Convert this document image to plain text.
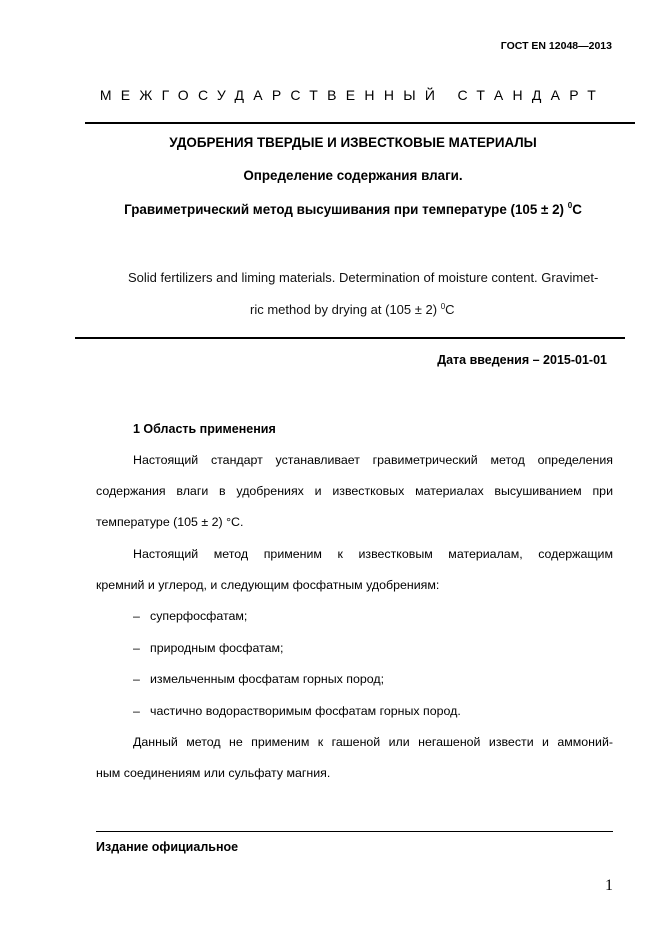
ГОСТ EN 12048—2013
МЕЖГОСУДАРСТВЕННЫЙ СТАНДАРТ
УДОБРЕНИЯ ТВЕРДЫЕ И ИЗВЕСТКОВЫЕ МАТЕРИАЛЫ
Определение содержания влаги.
Гравиметрический метод высушивания при температуре (105 ± 2) $^0$С
Solid fertilizers and liming materials. Determination of moisture content. Gravimet-
ric method by drying at (105 ± 2) $^0$C
Дата введения – 2015-01-01
1 Область применения
Настоящий стандарт устанавливает гравиметрический метод определения
содержания влаги в удобрениях и известковых материалах высушиванием при
температуре (105 ± 2) °С.
Настоящий метод применим к известковым материалам, содержащим
кремний и углерод, и следующим фосфатным удобрениям:
– суперфосфатам;
– природным фосфатам;
– измельченным фосфатам горных пород;
– частично водорастворимым фосфатам горных пород.
Данный метод не применим к гашеной или негашеной извести и аммоний-
ным соединениям или сульфату магния.
Издание официальное
1
